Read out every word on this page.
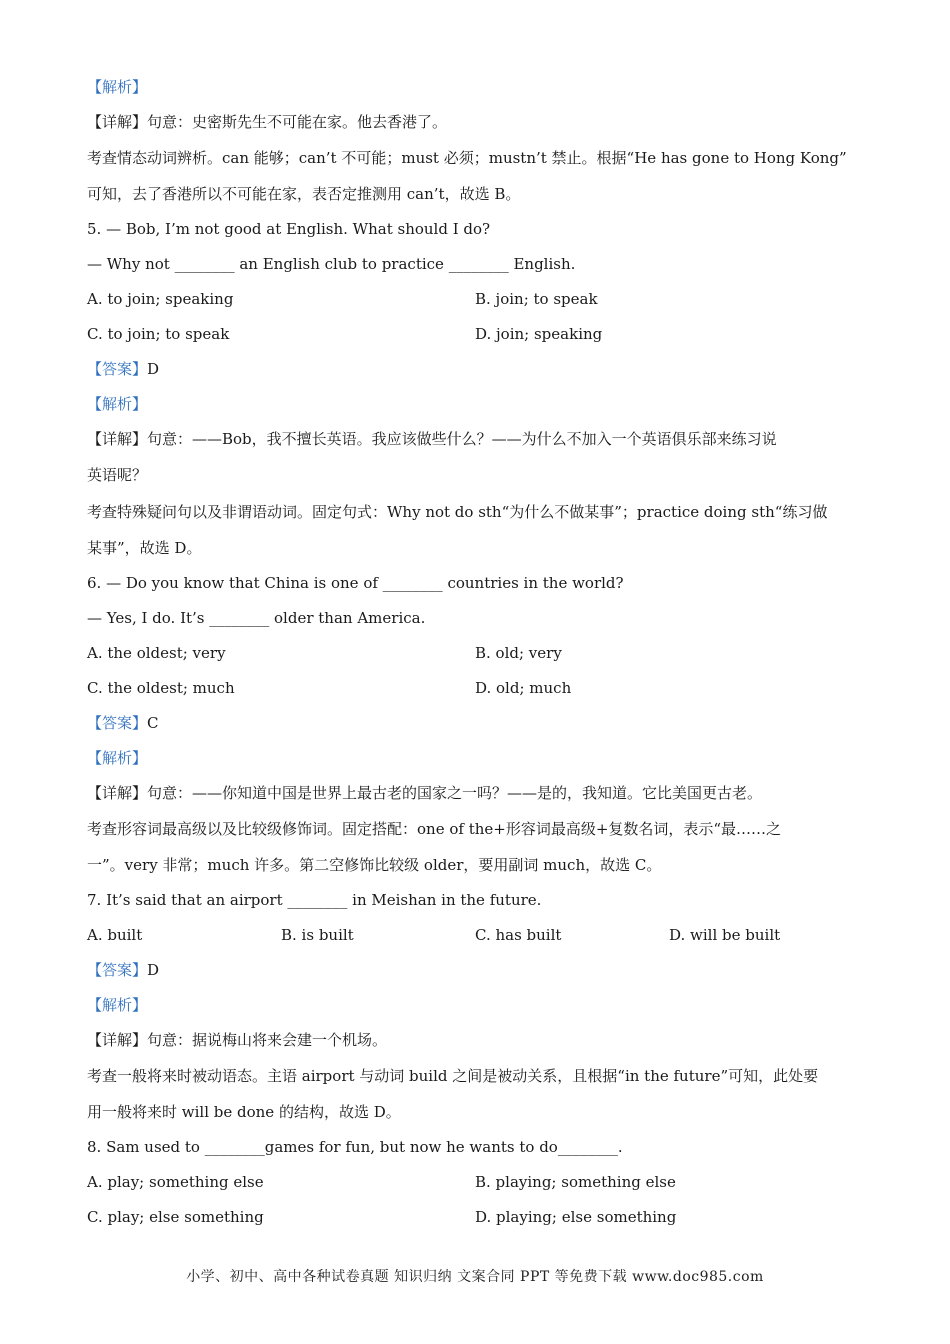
【解析】
【详解】句意：史密斯先生不可能在家。他去香港了。
考查情态动词辨析。can 能够；can’t 不可能；must 必须；mustn’t 禁止。根据“He has gone to Hong Kong”
可知，去了香港所以不可能在家，表否定推测用 can’t，故选 B。
5. — Bob, I’m not good at English. What should I do?
— Why not ________ an English club to practice ________ English.
A. to join; speaking	B. join; to speak
C. to join; to speak	D. join; speaking
【答案】D
【解析】
【详解】句意：——Bob，我不擅长英语。我应该做些什么？——为什么不加入一个英语俱乐部来练习说
英语呢？
考查特殊疑问句以及非谓语动词。固定句式：Why not do sth“为什么不做某事”；practice doing sth“练习做
某事”，故选 D。
6. — Do you know that China is one of ________ countries in the world?
— Yes, I do. It’s ________ older than America.
A. the oldest; very	B. old; very
C. the oldest; much	D. old; much
【答案】C
【解析】
【详解】句意：——你知道中国是世界上最古老的国家之一吗？——是的，我知道。它比美国更古老。
考查形容词最高级以及比较级修饰词。固定搭配：one of the+形容词最高级+复数名词，表示“最……之
一”。very 非常；much 许多。第二空修饰比较级 older，要用副词 much，故选 C。
7. It’s said that an airport ________ in Meishan in the future.
A. built	B. is built	C. has built	D. will be built
【答案】D
【解析】
【详解】句意：据说梅山将来会建一个机场。
考查一般将来时被动语态。主语 airport 与动词 build 之间是被动关系，且根据“in the future”可知，此处要
用一般将来时 will be done 的结构，故选 D。
8. Sam used to ________games for fun, but now he wants to do________.
A. play; something else	B. playing; something else
C. play; else something	D. playing; else something
小学、初中、高中各种试卷真题 知识归纳 文案合同 PPT 等免费下载 www.doc985.com
